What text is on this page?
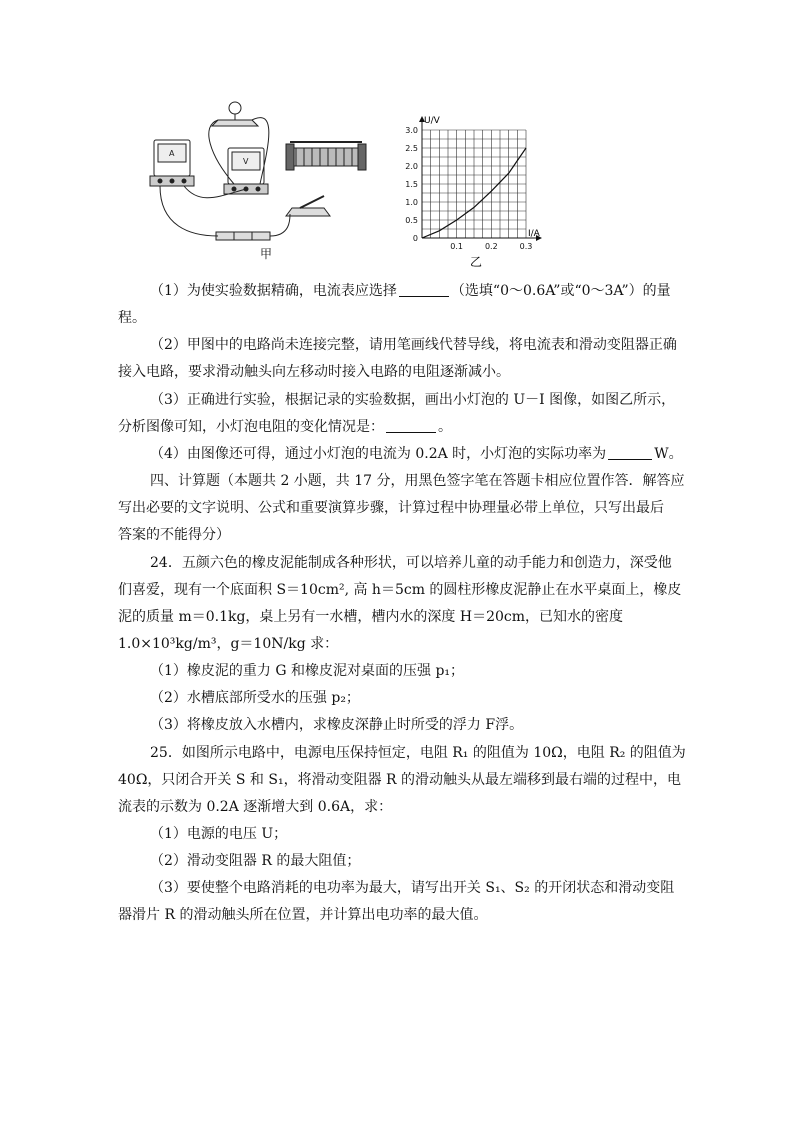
A
V
甲
3.0
2.5
2.0
1.5
1.0
0.5
0
0.1	0.2	0.3
U/V
I/A
乙
（1）为使实验数据精确，电流表应选择	（选填“0～0.6A”或“0～3A”）的量
程。
（2）甲图中的电路尚未连接完整，请用笔画线代替导线，将电流表和滑动变阻器正确
接入电路，要求滑动触头向左移动时接入电路的电阻逐渐减小。
（3）正确进行实验，根据记录的实验数据，画出小灯泡的 U－I 图像，如图乙所示，
分析图像可知，小灯泡电阻的变化情况是：	。
（4）由图像还可得，通过小灯泡的电流为 0.2A 时，小灯泡的实际功率为	W。
四、计算题（本题共 2 小题，共 17 分，用黑色签字笔在答题卡相应位置作答．解答应
写出必要的文字说明、公式和重要演算步骤，计算过程中协理量必带上单位，只写出最后
答案的不能得分）
24．五颜六色的橡皮泥能制成各种形状，可以培养儿童的动手能力和创造力，深受他
们喜爱，现有一个底面积 S＝10cm², 高 h＝5cm 的圆柱形橡皮泥静止在水平桌面上，橡皮
泥的质量 m＝0.1kg，桌上另有一水槽，槽内水的深度 H＝20cm，已知水的密度
1.0×10³kg/m³，g＝10N/kg 求：
（1）橡皮泥的重力 G 和橡皮泥对桌面的压强 p₁；
（2）水槽底部所受水的压强 p₂；
（3）将橡皮放入水槽内，求橡皮深静止时所受的浮力 F浮。
25．如图所示电路中，电源电压保持恒定，电阻 R₁ 的阻值为 10Ω，电阻 R₂ 的阻值为
40Ω，只闭合开关 S 和 S₁，将滑动变阻器 R 的滑动触头从最左端移到最右端的过程中，电
流表的示数为 0.2A 逐渐增大到 0.6A，求：
（1）电源的电压 U；
（2）滑动变阻器 R 的最大阻值；
（3）要使整个电路消耗的电功率为最大，请写出开关 S₁、S₂ 的开闭状态和滑动变阻
器滑片 R 的滑动触头所在位置，并计算出电功率的最大值。
